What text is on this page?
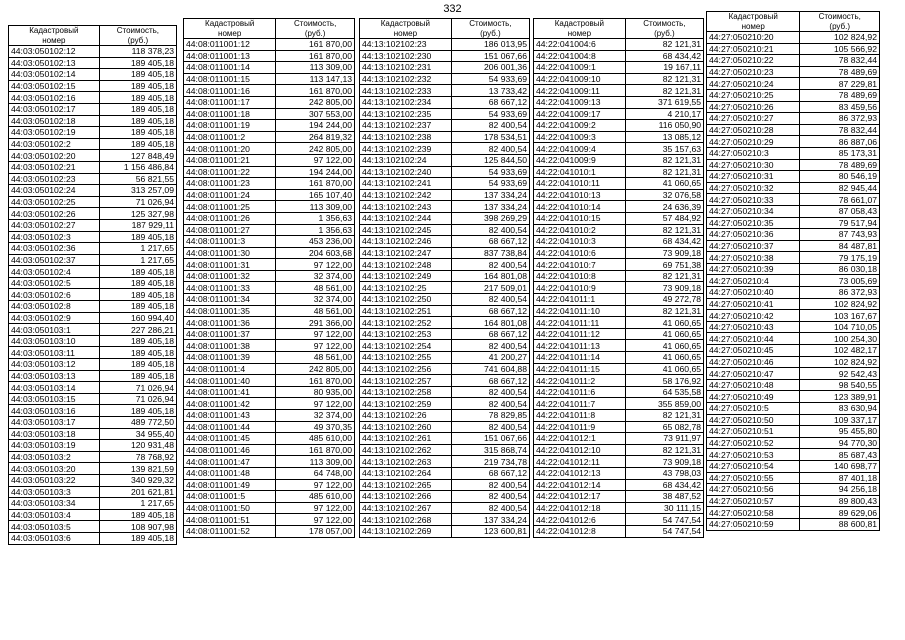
332
Кадастровый
номер	Стоимость,
(руб.)
44:03:050102:12	118 378,23
44:03:050102:13	189 405,18
44:03:050102:14	189 405,18
44:03:050102:15	189 405,18
44:03:050102:16	189 405,18
44:03:050102:17	189 405,18
44:03:050102:18	189 405,18
44:03:050102:19	189 405,18
44:03:050102:2	189 405,18
44:03:050102:20	127 848,49
44:03:050102:21	1 156 486,84
44:03:050102:23	56 821,55
44:03:050102:24	313 257,09
44:03:050102:25	71 026,94
44:03:050102:26	125 327,98
44:03:050102:27	187 929,11
44:03:050102:3	189 405,18
44:03:050102:36	1 217,65
44:03:050102:37	1 217,65
44:03:050102:4	189 405,18
44:03:050102:5	189 405,18
44:03:050102:6	189 405,18
44:03:050102:8	189 405,18
44:03:050102:9	160 994,40
44:03:050103:1	227 286,21
44:03:050103:10	189 405,18
44:03:050103:11	189 405,18
44:03:050103:12	189 405,18
44:03:050103:13	189 405,18
44:03:050103:14	71 026,94
44:03:050103:15	71 026,94
44:03:050103:16	189 405,18
44:03:050103:17	489 772,50
44:03:050103:18	34 955,40
44:03:050103:19	120 931,48
44:03:050103:2	78 768,92
44:03:050103:20	139 821,59
44:03:050103:22	340 929,32
44:03:050103:3	201 621,81
44:03:050103:34	1 217,65
44:03:050103:4	189 405,18
44:03:050103:5	108 907,98
44:03:050103:6	189 405,18
Кадастровый
номер	Стоимость,
(руб.)
44:08:011001:12	161 870,00
44:08:011001:13	161 870,00
44:08:011001:14	113 309,00
44:08:011001:15	113 147,13
44:08:011001:16	161 870,00
44:08:011001:17	242 805,00
44:08:011001:18	307 553,00
44:08:011001:19	194 244,00
44:08:011001:2	264 819,32
44:08:011001:20	242 805,00
44:08:011001:21	97 122,00
44:08:011001:22	194 244,00
44:08:011001:23	161 870,00
44:08:011001:24	165 107,40
44:08:011001:25	113 309,00
44:08:011001:26	1 356,63
44:08:011001:27	1 356,63
44:08:011001:3	453 236,00
44:08:011001:30	204 603,68
44:08:011001:31	97 122,00
44:08:011001:32	32 374,00
44:08:011001:33	48 561,00
44:08:011001:34	32 374,00
44:08:011001:35	48 561,00
44:08:011001:36	291 366,00
44:08:011001:37	97 122,00
44:08:011001:38	97 122,00
44:08:011001:39	48 561,00
44:08:011001:4	242 805,00
44:08:011001:40	161 870,00
44:08:011001:41	80 935,00
44:08:011001:42	97 122,00
44:08:011001:43	32 374,00
44:08:011001:44	49 370,35
44:08:011001:45	485 610,00
44:08:011001:46	161 870,00
44:08:011001:47	113 309,00
44:08:011001:48	64 748,00
44:08:011001:49	97 122,00
44:08:011001:5	485 610,00
44:08:011001:50	97 122,00
44:08:011001:51	97 122,00
44:08:011001:52	178 057,00
Кадастровый
номер	Стоимость,
(руб.)
44:13:102102:23	186 013,95
44:13:102102:230	151 067,66
44:13:102102:231	206 001,36
44:13:102102:232	54 933,69
44:13:102102:233	13 733,42
44:13:102102:234	68 667,12
44:13:102102:235	54 933,69
44:13:102102:237	82 400,54
44:13:102102:238	178 534,51
44:13:102102:239	82 400,54
44:13:102102:24	125 844,50
44:13:102102:240	54 933,69
44:13:102102:241	54 933,69
44:13:102102:242	137 334,24
44:13:102102:243	137 334,24
44:13:102102:244	398 269,29
44:13:102102:245	82 400,54
44:13:102102:246	68 667,12
44:13:102102:247	837 738,84
44:13:102102:248	82 400,54
44:13:102102:249	164 801,08
44:13:102102:25	217 509,01
44:13:102102:250	82 400,54
44:13:102102:251	68 667,12
44:13:102102:252	164 801,08
44:13:102102:253	68 667,12
44:13:102102:254	82 400,54
44:13:102102:255	41 200,27
44:13:102102:256	741 604,88
44:13:102102:257	68 667,12
44:13:102102:258	82 400,54
44:13:102102:259	82 400,54
44:13:102102:26	78 829,85
44:13:102102:260	82 400,54
44:13:102102:261	151 067,66
44:13:102102:262	315 868,74
44:13:102102:263	219 734,78
44:13:102102:264	68 667,12
44:13:102102:265	82 400,54
44:13:102102:266	82 400,54
44:13:102102:267	82 400,54
44:13:102102:268	137 334,24
44:13:102102:269	123 600,81
Кадастровый
номер	Стоимость,
(руб.)
44:22:041004:6	82 121,31
44:22:041004:8	68 434,42
44:22:041009:1	19 167,11
44:22:041009:10	82 121,31
44:22:041009:11	82 121,31
44:22:041009:13	371 619,55
44:22:041009:17	4 210,17
44:22:041009:2	116 050,90
44:22:041009:3	13 085,12
44:22:041009:4	35 157,63
44:22:041009:9	82 121,31
44:22:041010:1	82 121,31
44:22:041010:11	41 060,65
44:22:041010:13	32 076,58
44:22:041010:14	24 636,39
44:22:041010:15	57 484,92
44:22:041010:2	82 121,31
44:22:041010:3	68 434,42
44:22:041010:6	73 909,18
44:22:041010:7	69 751,38
44:22:041010:8	82 121,31
44:22:041010:9	73 909,18
44:22:041011:1	49 272,78
44:22:041011:10	82 121,31
44:22:041011:11	41 060,65
44:22:041011:12	41 060,65
44:22:041011:13	41 060,65
44:22:041011:14	41 060,65
44:22:041011:15	41 060,65
44:22:041011:2	58 176,92
44:22:041011:6	64 535,58
44:22:041011:7	355 859,00
44:22:041011:8	82 121,31
44:22:041011:9	65 082,78
44:22:041012:1	73 911,97
44:22:041012:10	82 121,31
44:22:041012:11	73 909,18
44:22:041012:13	43 798,03
44:22:041012:14	68 434,42
44:22:041012:17	38 487,52
44:22:041012:18	30 111,15
44:22:041012:6	54 747,54
44:22:041012:8	54 747,54
Кадастровый
номер	Стоимость,
(руб.)
44:27:050210:20	102 824,92
44:27:050210:21	105 566,92
44:27:050210:22	78 832,44
44:27:050210:23	78 489,69
44:27:050210:24	87 229,81
44:27:050210:25	78 489,69
44:27:050210:26	83 459,56
44:27:050210:27	86 372,93
44:27:050210:28	78 832,44
44:27:050210:29	86 887,06
44:27:050210:3	85 173,31
44:27:050210:30	78 489,69
44:27:050210:31	80 546,19
44:27:050210:32	82 945,44
44:27:050210:33	78 661,07
44:27:050210:34	87 058,43
44:27:050210:35	79 517,94
44:27:050210:36	87 743,93
44:27:050210:37	84 487,81
44:27:050210:38	79 175,19
44:27:050210:39	86 030,18
44:27:050210:4	73 005,69
44:27:050210:40	86 372,93
44:27:050210:41	102 824,92
44:27:050210:42	103 167,67
44:27:050210:43	104 710,05
44:27:050210:44	100 254,30
44:27:050210:45	102 482,17
44:27:050210:46	102 824,92
44:27:050210:47	92 542,43
44:27:050210:48	98 540,55
44:27:050210:49	123 389,91
44:27:050210:5	83 630,94
44:27:050210:50	109 337,17
44:27:050210:51	95 455,80
44:27:050210:52	94 770,30
44:27:050210:53	85 687,43
44:27:050210:54	140 698,77
44:27:050210:55	87 401,18
44:27:050210:56	94 256,18
44:27:050210:57	89 800,43
44:27:050210:58	89 629,06
44:27:050210:59	88 600,81
